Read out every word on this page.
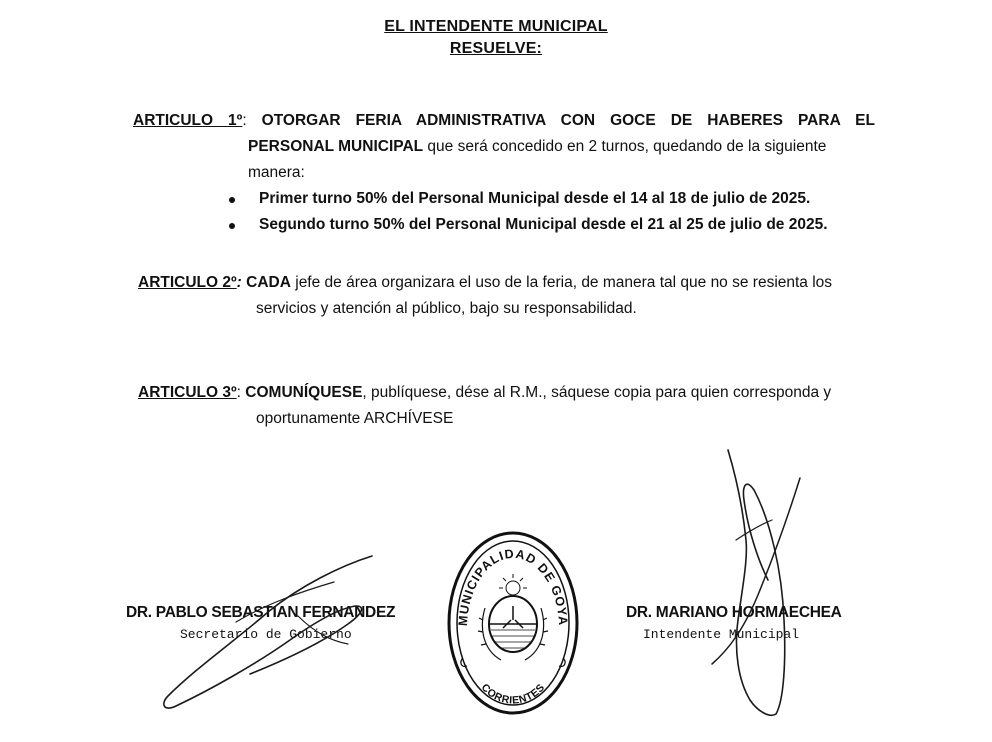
EL INTENDENTE MUNICIPAL
RESUELVE:
ARTICULO 1º: OTORGAR FERIA ADMINISTRATIVA CON GOCE DE HABERES PARA EL
PERSONAL MUNICIPAL que será concedido en 2 turnos, quedando de la siguiente
manera:
Primer turno 50% del Personal Municipal desde el 14 al 18 de julio de 2025.
Segundo turno 50% del Personal Municipal desde el 21 al 25 de julio de 2025.
ARTICULO 2º: CADA jefe de área organizara el uso de la feria, de manera tal que no se resienta los
servicios y atención al público, bajo su responsabilidad.
ARTICULO 3º: COMUNÍQUESE, publíquese, dése al R.M., sáquese copia para quien corresponda y
oportunamente ARCHÍVESE
DR. PABLO SEBASTIAN FERNANDEZ
Secretario de Gobierno
DR. MARIANO HORMAECHEA
Intendente Municipal
MUNICIPALIDAD DE GOYA
CORRIENTES
